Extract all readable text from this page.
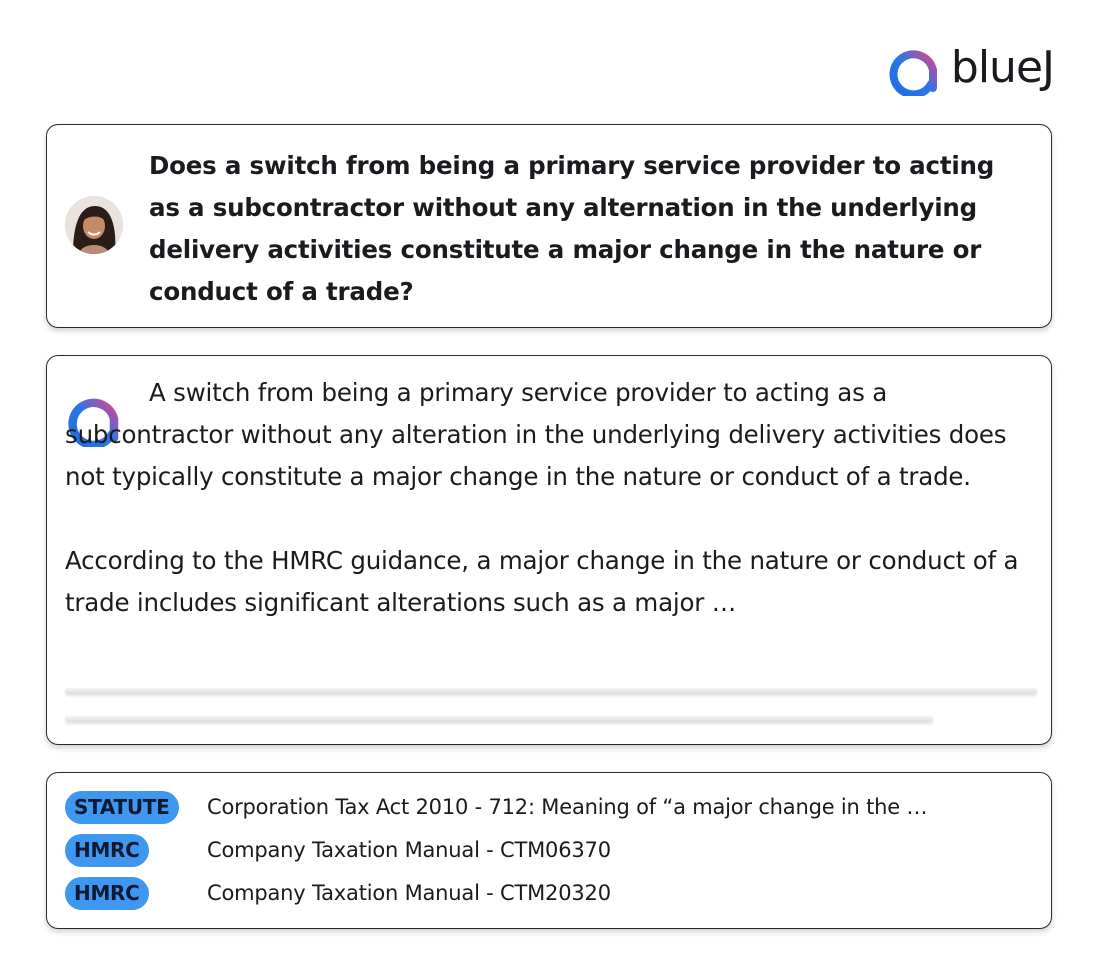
blueJ

Does a switch from being a primary service provider to acting as a subcontractor without any alternation in the underlying delivery activities constitute a major change in the nature or conduct of a trade?

A switch from being a primary service provider to acting as a subcontractor without any alteration in the underlying delivery activities does not typically constitute a major change in the nature or conduct of a trade.

According to the HMRC guidance, a major change in the nature or conduct of a trade includes significant alterations such as a major …

STATUTE	Corporation Tax Act 2010 - 712: Meaning of “a major change in the …
HMRC	Company Taxation Manual - CTM06370
HMRC	Company Taxation Manual - CTM20320
